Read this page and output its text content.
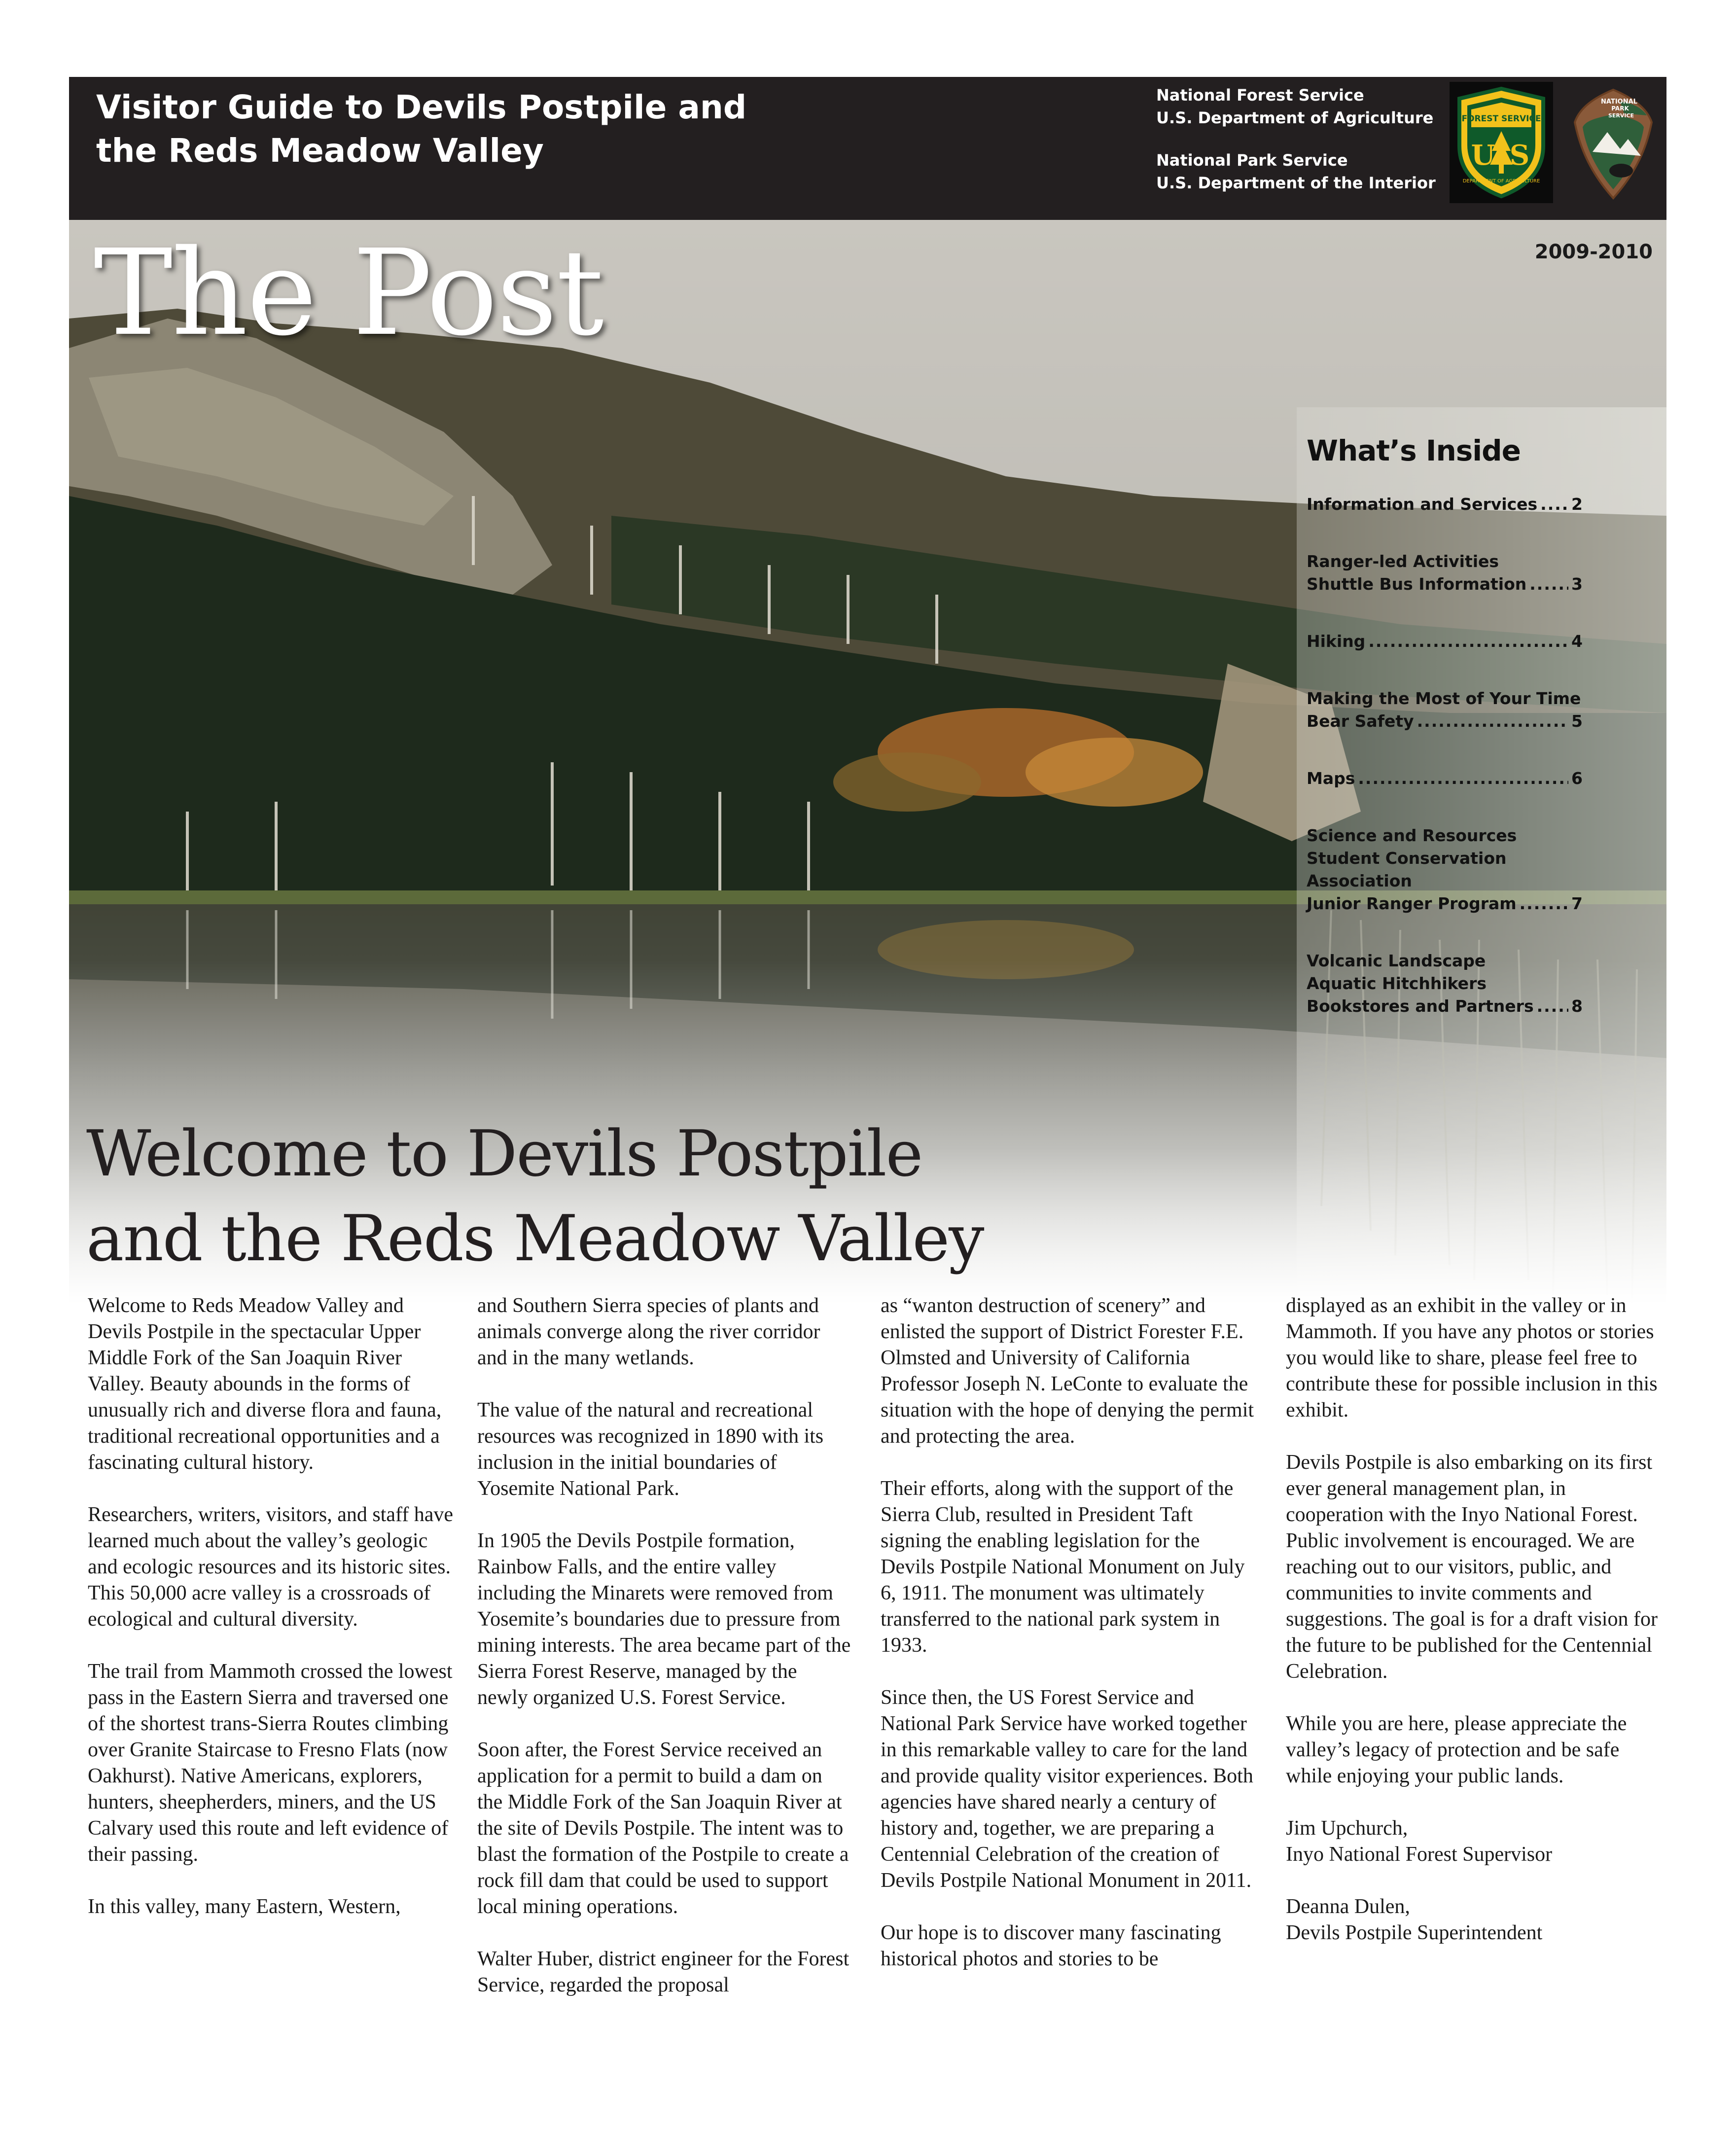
Visitor Guide to Devils Postpile and the Reds Meadow Valley
National Forest Service
U.S. Department of Agriculture
National Park Service
U.S. Department of the Interior
FOREST SERVICE
U S
DEPARTMENT OF AGRICULTURE
NATIONAL
PARK
SERVICE
The Post	2009-2010
What’s Inside
Information and Services ..... 2
Ranger-led Activities
Shuttle Bus Information .....	3
Hiking .....	4
Making the Most of Your Time
Bear Safety .....	5
Maps .....	6
Science and Resources
Student Conservation Association
Junior Ranger Program .....	7
Volcanic Landscape
Aquatic Hitchhikers
Bookstores and Partners ..... 8
Welcome to Devils Postpile
and the Reds Meadow Valley

Welcome to Reds Meadow Valley and Devils Postpile in the spectacular Upper Middle Fork of the San Joaquin River Valley. Beauty abounds in the forms of unusually rich and diverse flora and fauna, traditional recreational opportunities and a fascinating cultural history.

Researchers, writers, visitors, and staff have learned much about the valley’s geologic and ecologic resources and its historic sites. This 50,000 acre valley is a crossroads of ecological and cultural diversity.

The trail from Mammoth crossed the lowest pass in the Eastern Sierra and traversed one of the shortest trans-Sierra Routes climbing over Granite Staircase to Fresno Flats (now Oakhurst). Native Americans, explorers, hunters, sheepherders, miners, and the US Calvary used this route and left evidence of their passing.

In this valley, many Eastern, Western,

and Southern Sierra species of plants and animals converge along the river corridor and in the many wetlands.

The value of the natural and recreational resources was recognized in 1890 with its inclusion in the initial boundaries of Yosemite National Park.

In 1905 the Devils Postpile formation, Rainbow Falls, and the entire valley including the Minarets were removed from Yosemite’s boundaries due to pressure from mining interests. The area became part of the Sierra Forest Reserve, managed by the newly organized U.S. Forest Service.

Soon after, the Forest Service received an application for a permit to build a dam on the Middle Fork of the San Joaquin River at the site of Devils Postpile. The intent was to blast the formation of the Postpile to create a rock fill dam that could be used to support local mining operations.

Walter Huber, district engineer for the Forest Service, regarded the proposal

as “wanton destruction of scenery” and enlisted the support of District Forester F.E. Olmsted and University of California Professor Joseph N. LeConte to evaluate the situation with the hope of denying the permit and protecting the area.

Their efforts, along with the support of the Sierra Club, resulted in President Taft signing the enabling legislation for the Devils Postpile National Monument on July 6, 1911. The monument was ultimately transferred to the national park system in 1933.

Since then, the US Forest Service and National Park Service have worked together in this remarkable valley to care for the land and provide quality visitor experiences. Both agencies have shared nearly a century of history and, together, we are preparing a Centennial Celebration of the creation of Devils Postpile National Monument in 2011.

Our hope is to discover many fascinating historical photos and stories to be

displayed as an exhibit in the valley or in Mammoth. If you have any photos or stories you would like to share, please feel free to contribute these for possible inclusion in this exhibit.

Devils Postpile is also embarking on its first ever general management plan, in cooperation with the Inyo National Forest. Public involvement is encouraged. We are reaching out to our visitors, public, and communities to invite comments and suggestions. The goal is for a draft vision for the future to be published for the Centennial Celebration.

While you are here, please appreciate the valley’s legacy of protection and be safe while enjoying your public lands.

Jim Upchurch,
Inyo National Forest Supervisor
Deanna Dulen,
Devils Postpile Superintendent
